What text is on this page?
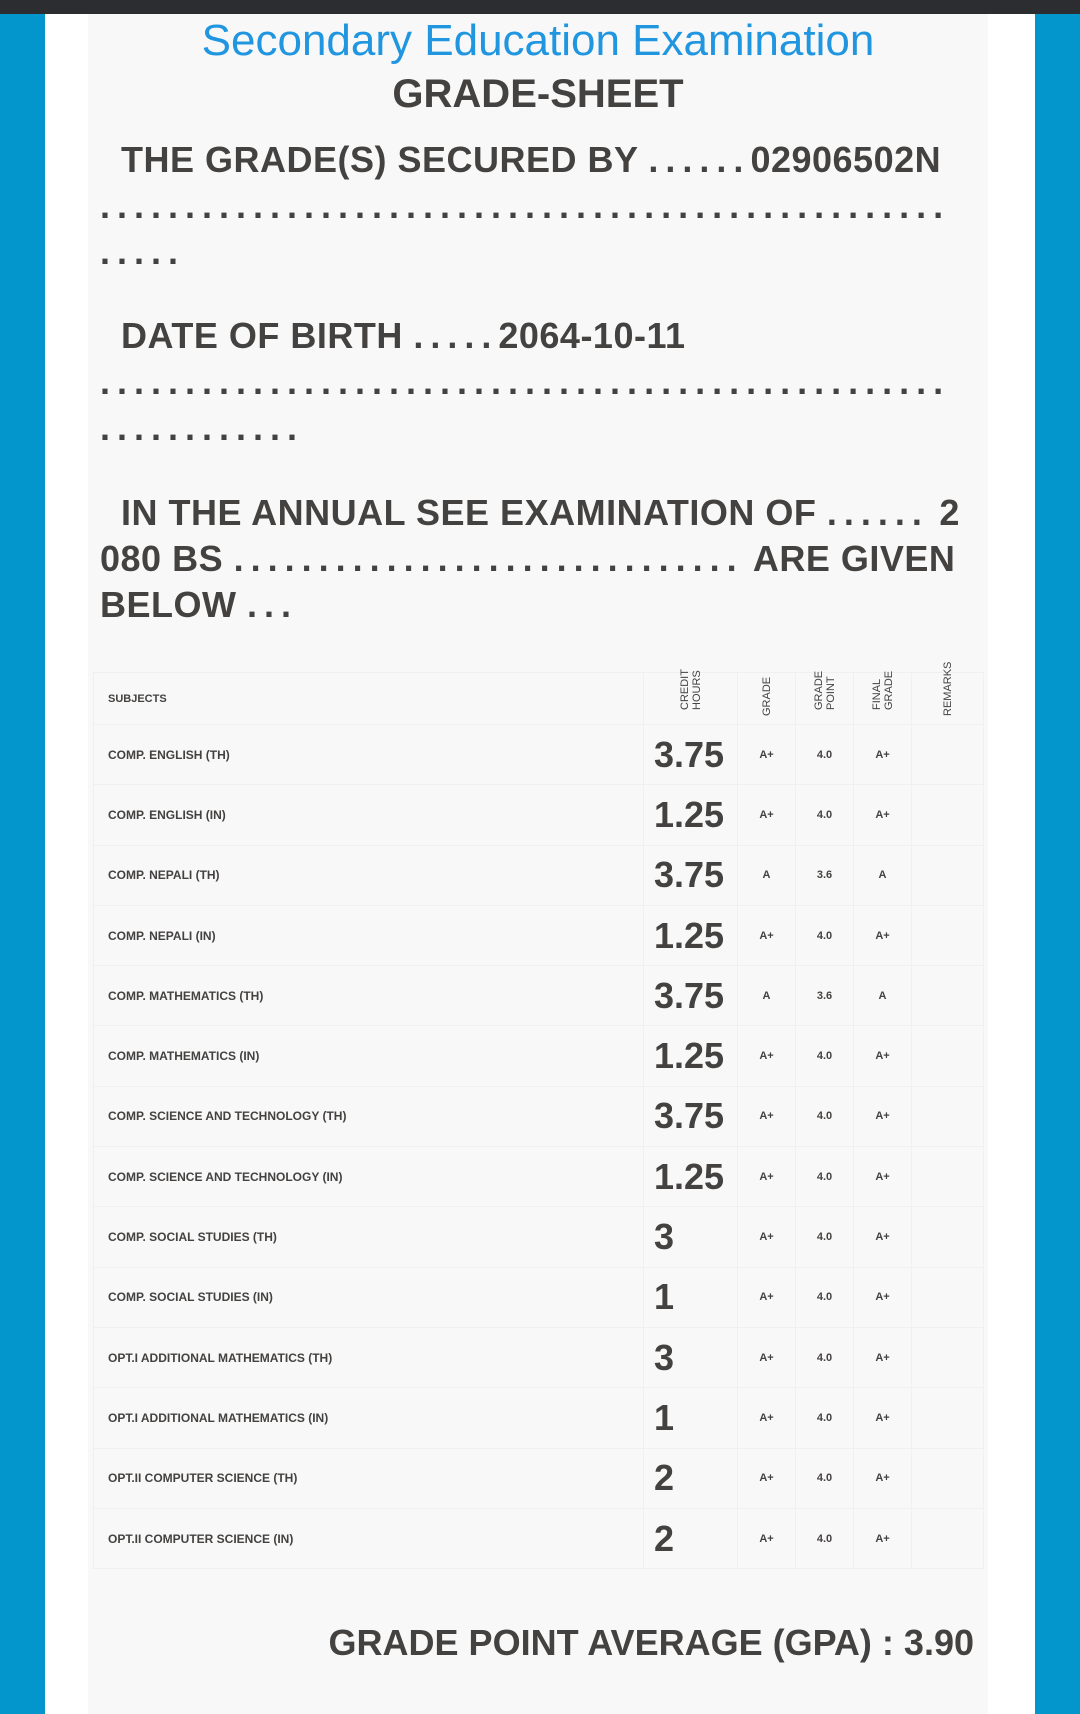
Secondary Education Examination
GRADE-SHEET
THE GRADE(S) SECURED BY ......02906502N .......................................................
DATE OF BIRTH .....2064-10-11 ..............................................................
IN THE ANNUAL SEE EXAMINATION OF ...... 2080 BS .............................. ARE GIVEN BELOW ...
SUBJECTS	CREDIT HOURS	GRADE	GRADE POINT	FINAL GRADE	REMARKS

COMP. ENGLISH (TH)	3.75	A+	4.0	A+	
COMP. ENGLISH (IN)	1.25	A+	4.0	A+	
COMP. NEPALI (TH)	3.75	A	3.6	A	
COMP. NEPALI (IN)	1.25	A+	4.0	A+	
COMP. MATHEMATICS (TH)	3.75	A	3.6	A	
COMP. MATHEMATICS (IN)	1.25	A+	4.0	A+	
COMP. SCIENCE AND TECHNOLOGY (TH)	3.75	A+	4.0	A+	
COMP. SCIENCE AND TECHNOLOGY (IN)	1.25	A+	4.0	A+	
COMP. SOCIAL STUDIES (TH)	3	A+	4.0	A+	
COMP. SOCIAL STUDIES (IN)	1	A+	4.0	A+	
OPT.I ADDITIONAL MATHEMATICS (TH)	3	A+	4.0	A+	
OPT.I ADDITIONAL MATHEMATICS (IN)	1	A+	4.0	A+	
OPT.II COMPUTER SCIENCE (TH)	2	A+	4.0	A+	
OPT.II COMPUTER SCIENCE (IN)	2	A+	4.0	A+	
GRADE POINT AVERAGE (GPA) : 3.90
